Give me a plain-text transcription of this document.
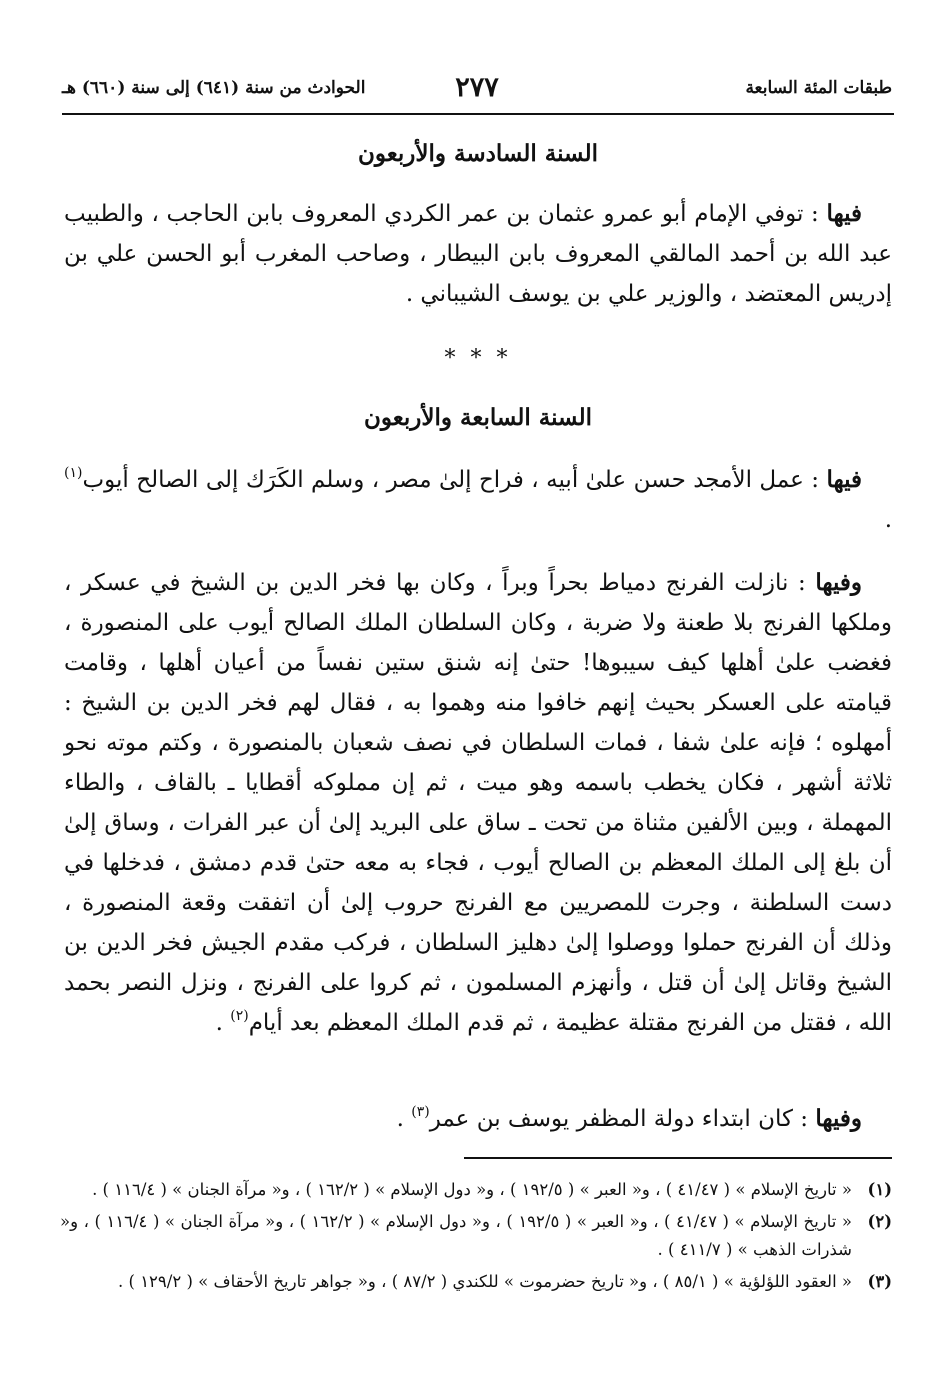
طبقات المئة السابعة
٢٧٧
الحوادث من سنة (٦٤١) إلى سنة (٦٦٠) هـ
السنة السادسة والأربعون
فيها : توفي الإمام أبو عمرو عثمان بن عمر الكردي المعروف بابن الحاجب ، والطبيب عبد الله بن أحمد المالقي المعروف بابن البيطار ، وصاحب المغرب أبو الحسن علي بن إدريس المعتضد ، والوزير علي بن يوسف الشيباني .
* * *
السنة السابعة والأربعون
فيها : عمل الأمجد حسن علىٰ أبيه ، فراح إلىٰ مصر ، وسلم الكَرَك إلى الصالح أيوب$^{(١)}$ .
وفيها : نازلت الفرنج دمياط بحراً وبراً ، وكان بها فخر الدين بن الشيخ في عسكر ، وملكها الفرنج بلا طعنة ولا ضربة ، وكان السلطان الملك الصالح أيوب على المنصورة ، فغضب علىٰ أهلها كيف سيبوها! حتىٰ إنه شنق ستين نفساً من أعيان أهلها ، وقامت قيامته على العسكر بحيث إنهم خافوا منه وهموا به ، فقال لهم فخر الدين بن الشيخ : أمهلوه ؛ فإنه علىٰ شفا ، فمات السلطان في نصف شعبان بالمنصورة ، وكتم موته نحو ثلاثة أشهر ، فكان يخطب باسمه وهو ميت ، ثم إن مملوكه أقطايا ـ بالقاف ، والطاء المهملة ، وبين الألفين مثناة من تحت ـ ساق على البريد إلىٰ أن عبر الفرات ، وساق إلىٰ أن بلغ إلى الملك المعظم بن الصالح أيوب ، فجاء به معه حتىٰ قدم دمشق ، فدخلها في دست السلطنة ، وجرت للمصريين مع الفرنج حروب إلىٰ أن اتفقت وقعة المنصورة ، وذلك أن الفرنج حملوا ووصلوا إلىٰ دهليز السلطان ، فركب مقدم الجيش فخر الدين بن الشيخ وقاتل إلىٰ أن قتل ، وأنهزم المسلمون ، ثم كروا على الفرنج ، ونزل النصر بحمد الله ، فقتل من الفرنج مقتلة عظيمة ، ثم قدم الملك المعظم بعد أيام$^{(٢)}$ .
وفيها : كان ابتداء دولة المظفر يوسف بن عمر$^{(٣)}$ .
(١)
« تاريخ الإسلام » ( ٤١/٤٧ ) ، و« العبر » ( ١٩٢/٥ ) ، و« دول الإسلام » ( ١٦٢/٢ ) ، و« مرآة الجنان » ( ١١٦/٤ ) .
(٢)
« تاريخ الإسلام » ( ٤١/٤٧ ) ، و« العبر » ( ١٩٢/٥ ) ، و« دول الإسلام » ( ١٦٢/٢ ) ، و« مرآة الجنان » ( ١١٦/٤ ) ، و« شذرات الذهب » ( ٤١١/٧ ) .
(٣)
« العقود اللؤلؤية » ( ٨٥/١ ) ، و« تاريخ حضرموت » للكندي ( ٨٧/٢ ) ، و« جواهر تاريخ الأحقاف » ( ١٢٩/٢ ) .
